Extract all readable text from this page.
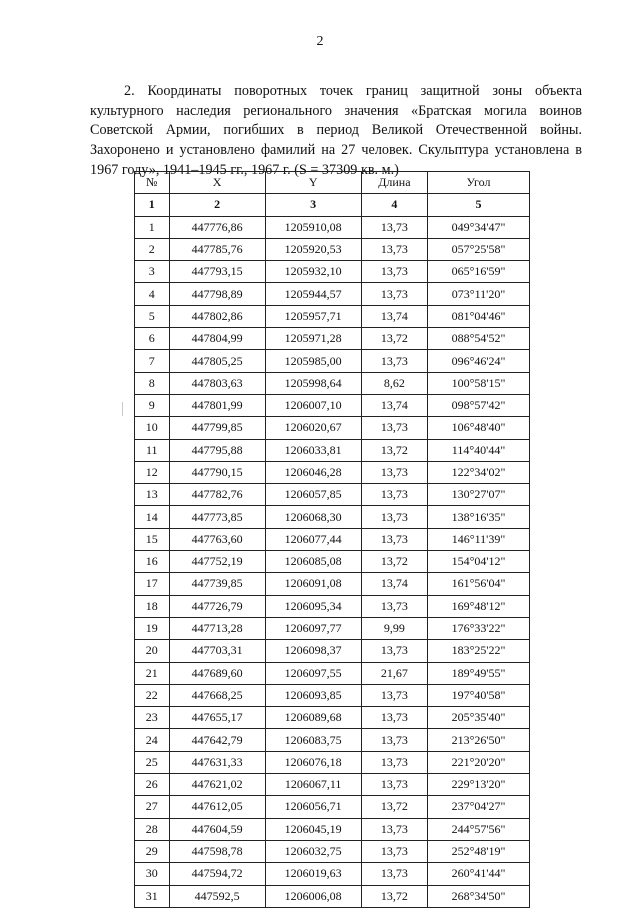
2

2. Координаты поворотных точек границ защитной зоны объекта культурного наследия регионального значения «Братская могила воинов Советской Армии, погибших в период Великой Отечественной войны. Захоронено и установлено фамилий на 27 человек. Скульптура установлена в 1967 году», 1941–1945 гг., 1967 г. (S = 37309 кв. м.)

№	X	Y	Длина	Угол
1	2	3	4	5
1	447776,86	1205910,08	13,73	049°34'47"
2	447785,76	1205920,53	13,73	057°25'58"
3	447793,15	1205932,10	13,73	065°16'59"
4	447798,89	1205944,57	13,73	073°11'20"
5	447802,86	1205957,71	13,74	081°04'46"
6	447804,99	1205971,28	13,72	088°54'52"
7	447805,25	1205985,00	13,73	096°46'24"
8	447803,63	1205998,64	8,62	100°58'15"
9	447801,99	1206007,10	13,74	098°57'42"
10	447799,85	1206020,67	13,73	106°48'40"
11	447795,88	1206033,81	13,72	114°40'44"
12	447790,15	1206046,28	13,73	122°34'02"
13	447782,76	1206057,85	13,73	130°27'07"
14	447773,85	1206068,30	13,73	138°16'35"
15	447763,60	1206077,44	13,73	146°11'39"
16	447752,19	1206085,08	13,72	154°04'12"
17	447739,85	1206091,08	13,74	161°56'04"
18	447726,79	1206095,34	13,73	169°48'12"
19	447713,28	1206097,77	9,99	176°33'22"
20	447703,31	1206098,37	13,73	183°25'22"
21	447689,60	1206097,55	21,67	189°49'55"
22	447668,25	1206093,85	13,73	197°40'58"
23	447655,17	1206089,68	13,73	205°35'40"
24	447642,79	1206083,75	13,73	213°26'50"
25	447631,33	1206076,18	13,73	221°20'20"
26	447621,02	1206067,11	13,73	229°13'20"
27	447612,05	1206056,71	13,72	237°04'27"
28	447604,59	1206045,19	13,73	244°57'56"
29	447598,78	1206032,75	13,73	252°48'19"
30	447594,72	1206019,63	13,73	260°41'44"
31	447592,5	1206006,08	13,72	268°34'50"
